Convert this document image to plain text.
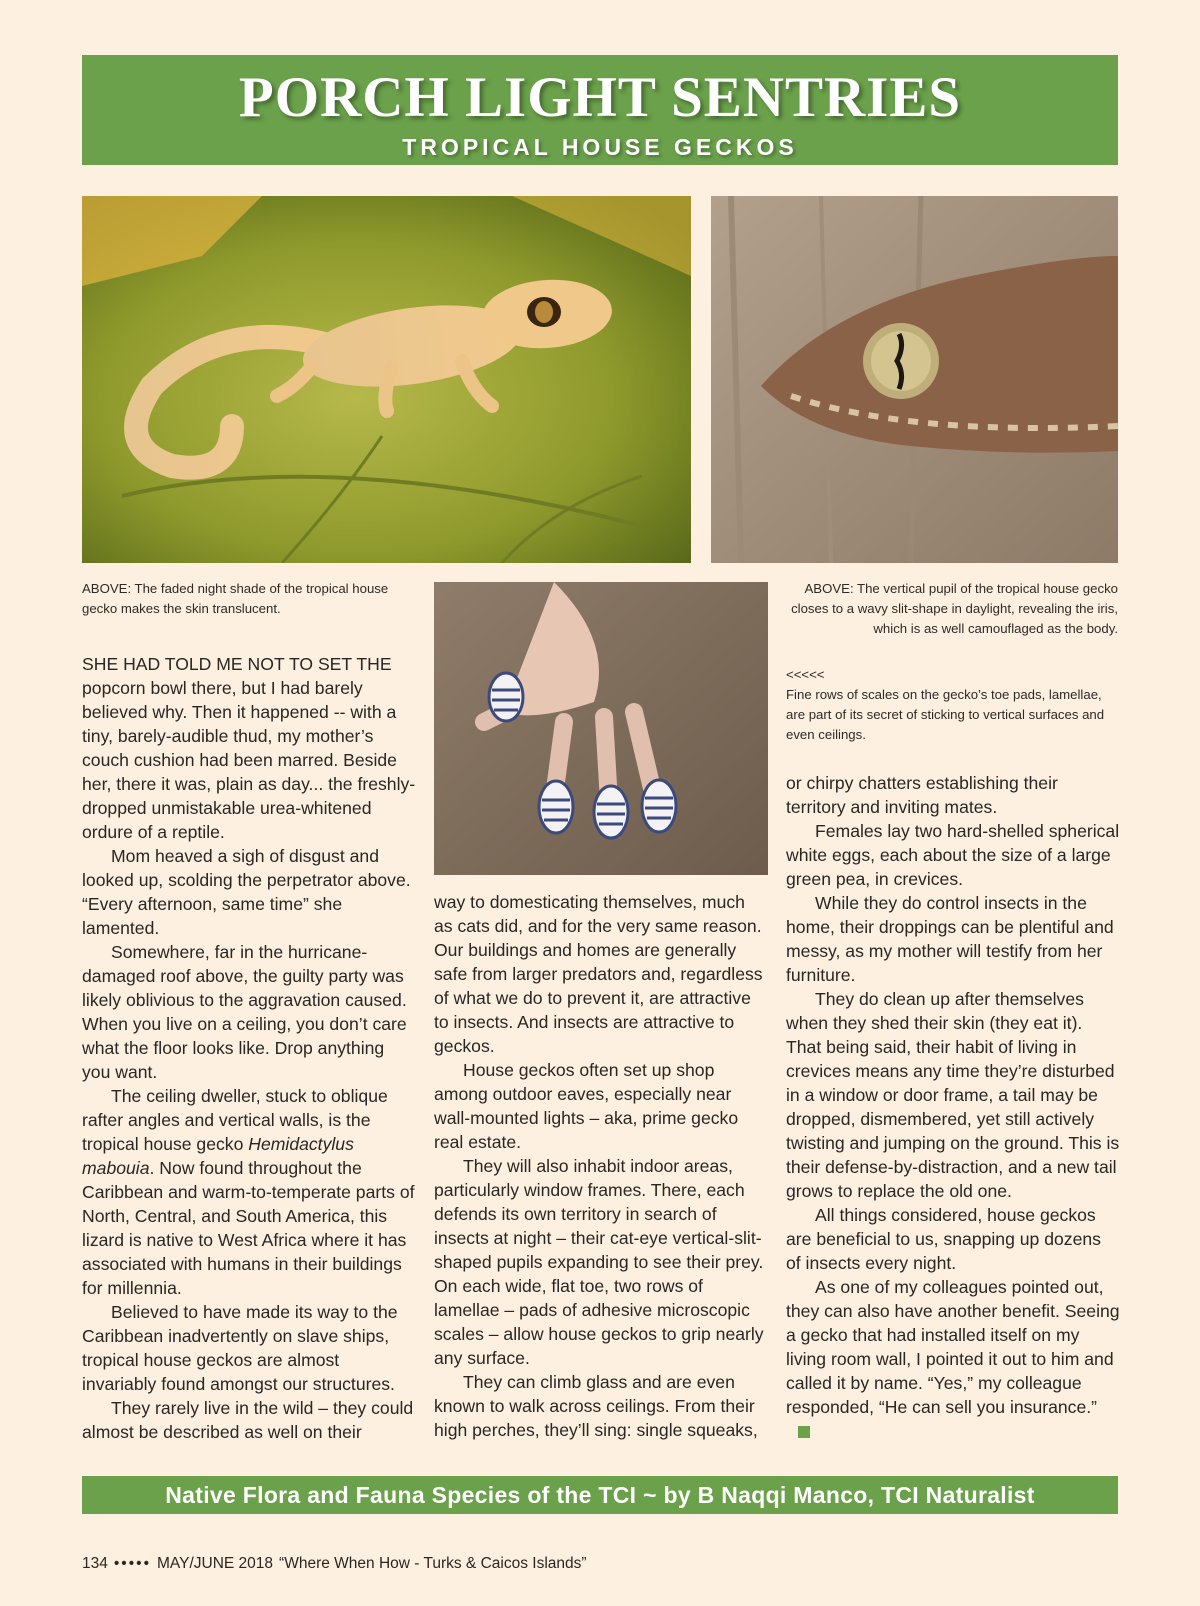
PORCH LIGHT SENTRIES
TROPICAL HOUSE GECKOS
ABOVE: The faded night shade of the tropical house gecko makes the skin translucent.
ABOVE: The vertical pupil of the tropical house gecko closes to a wavy slit-shape in daylight, revealing the iris, which is as well camouflaged as the body.
<<<<<
Fine rows of scales on the gecko’s toe pads, lamellae, are part of its secret of sticking to vertical surfaces and even ceilings.

SHE HAD TOLD ME NOT TO SET THE popcorn bowl there, but I had barely believed why. Then it happened -- with a tiny, barely-audible thud, my mother’s couch cushion had been marred. Beside her, there it was, plain as day... the freshly-dropped unmistakable urea-whitened ordure of a reptile.

Mom heaved a sigh of disgust and looked up, scolding the perpetrator above. “Every afternoon, same time” she lamented.

Somewhere, far in the hurricane-damaged roof above, the guilty party was likely oblivious to the aggravation caused. When you live on a ceiling, you don’t care what the floor looks like. Drop anything you want.

The ceiling dweller, stuck to oblique rafter angles and vertical walls, is the tropical house gecko Hemidactylus mabouia. Now found throughout the Caribbean and warm-to-temperate parts of North, Central, and South America, this lizard is native to West Africa where it has associated with humans in their buildings for millennia.

Believed to have made its way to the Caribbean inadvertently on slave ships, tropical house geckos are almost invariably found amongst our structures.

They rarely live in the wild – they could almost be described as well on their

way to domesticating themselves, much as cats did, and for the very same reason. Our buildings and homes are generally safe from larger predators and, regardless of what we do to prevent it, are attractive to insects. And insects are attractive to geckos.

House geckos often set up shop among outdoor eaves, especially near wall-mounted lights – aka, prime gecko real estate.

They will also inhabit indoor areas, particularly window frames. There, each defends its own territory in search of insects at night – their cat-eye vertical-slit-shaped pupils expanding to see their prey. On each wide, flat toe, two rows of lamellae – pads of adhesive microscopic scales – allow house geckos to grip nearly any surface.

They can climb glass and are even known to walk across ceilings. From their high perches, they’ll sing: single squeaks,

or chirpy chatters establishing their territory and inviting mates.

Females lay two hard-shelled spherical white eggs, each about the size of a large green pea, in crevices.

While they do control insects in the home, their droppings can be plentiful and messy, as my mother will testify from her furniture.

They do clean up after themselves when they shed their skin (they eat it). That being said, their habit of living in crevices means any time they’re disturbed in a window or door frame, a tail may be dropped, dismembered, yet still actively twisting and jumping on the ground. This is their defense-by-distraction, and a new tail grows to replace the old one.

All things considered, house geckos are beneficial to us, snapping up dozens of insects every night.

As one of my colleagues pointed out, they can also have another benefit. Seeing a gecko that had installed itself on my living room wall, I pointed it out to him and called it by name. “Yes,” my colleague responded, “He can sell you insurance.”

Native Flora and Fauna Species of the TCI ~ by B Naqqi Manco, TCI Naturalist
134 ••••• MAY/JUNE 2018 “Where When How - Turks & Caicos Islands”
